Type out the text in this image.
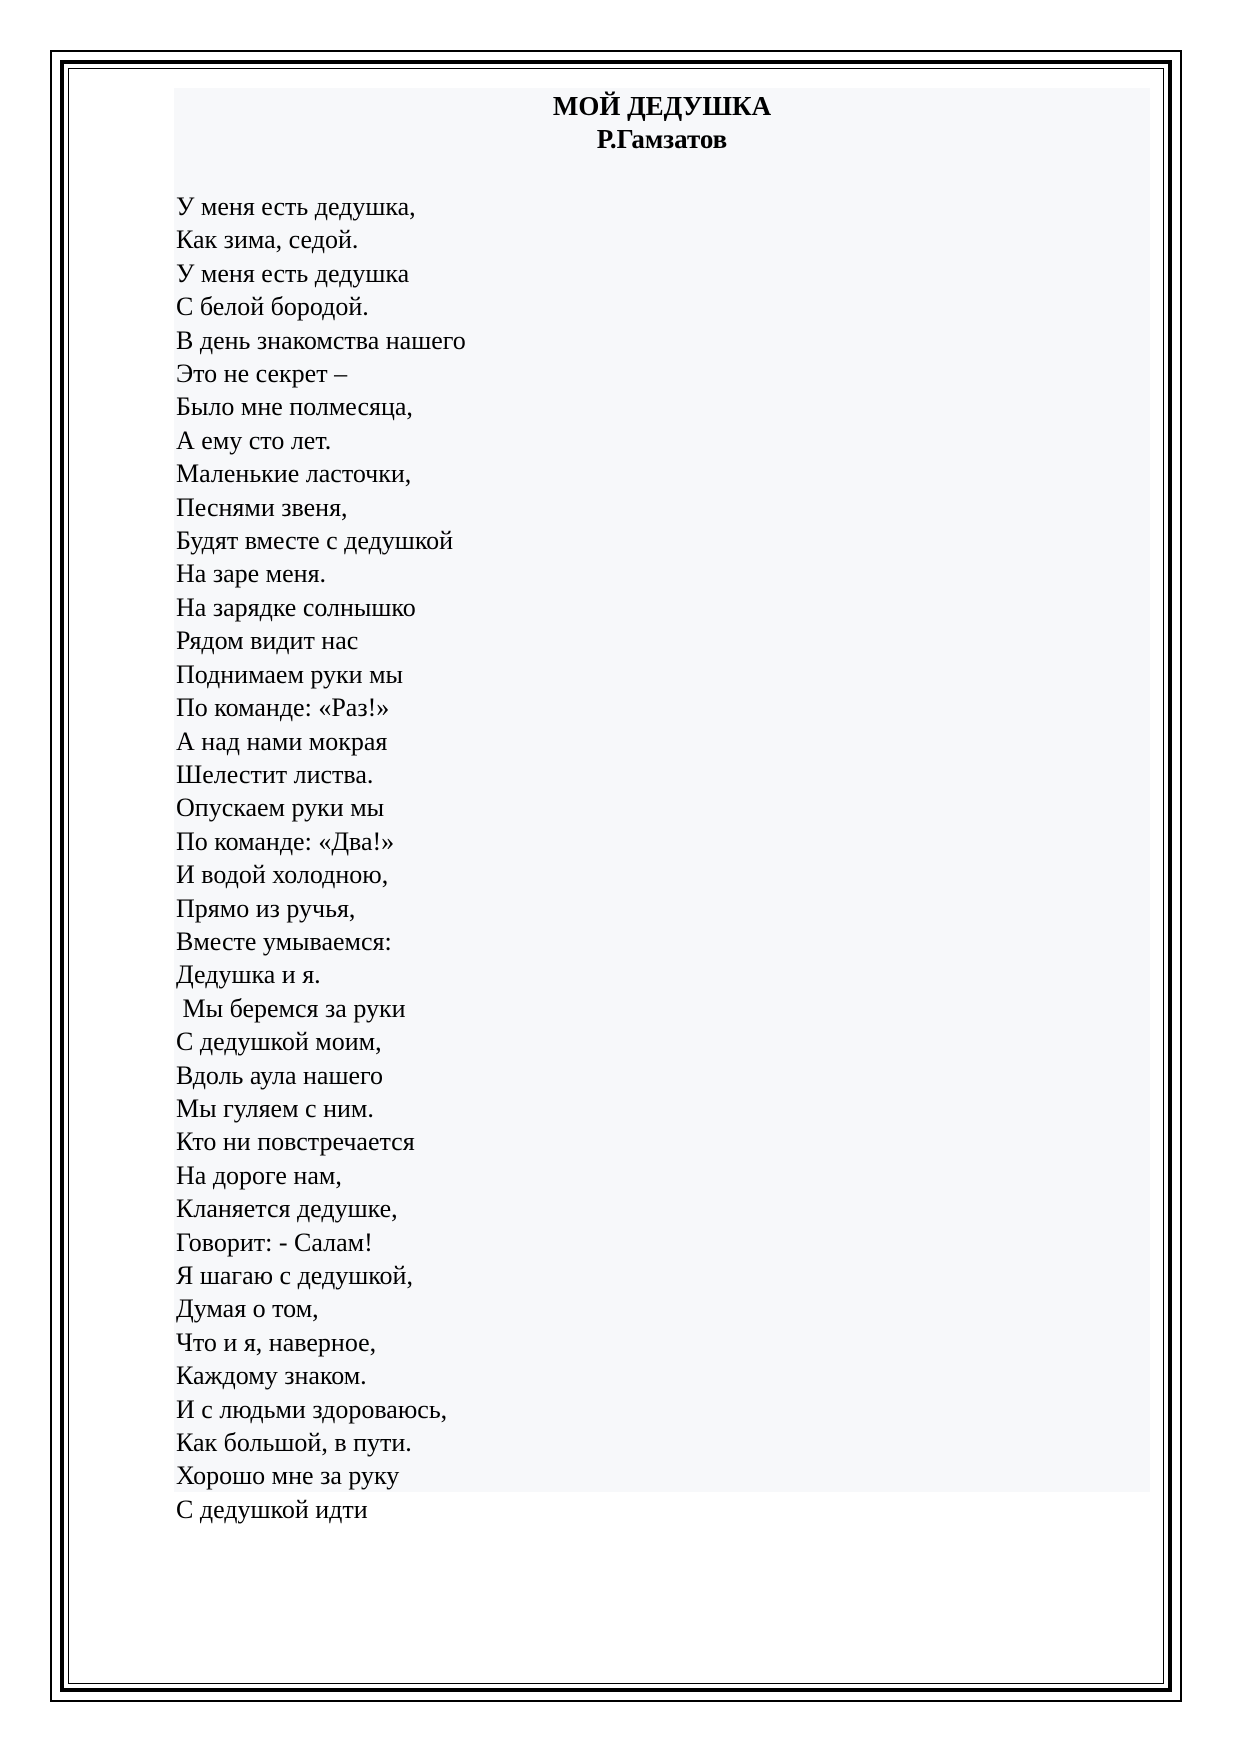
МОЙ ДЕДУШКА
Р.Гамзатов
У меня есть дедушка,
Как зима, седой.
У меня есть дедушка
С белой бородой.
В день знакомства нашего
Это не секрет –
Было мне полмесяца,
А ему сто лет.
Маленькие ласточки,
Песнями звеня,
Будят вместе с дедушкой
На заре меня.
На зарядке солнышко
Рядом видит нас
Поднимаем руки мы
По команде: «Раз!»
А над нами мокрая
Шелестит листва.
Опускаем руки мы
По команде: «Два!»
И водой холодною,
Прямо из ручья,
Вместе умываемся:
Дедушка и я.
Мы беремся за руки
С дедушкой моим,
Вдоль аула нашего
Мы гуляем с ним.
Кто ни повстречается
На дороге нам,
Кланяется дедушке,
Говорит: - Салам!
Я шагаю с дедушкой,
Думая о том,
Что и я, наверное,
Каждому знаком.
И с людьми здороваюсь,
Как большой, в пути.
Хорошо мне за руку
С дедушкой идти
